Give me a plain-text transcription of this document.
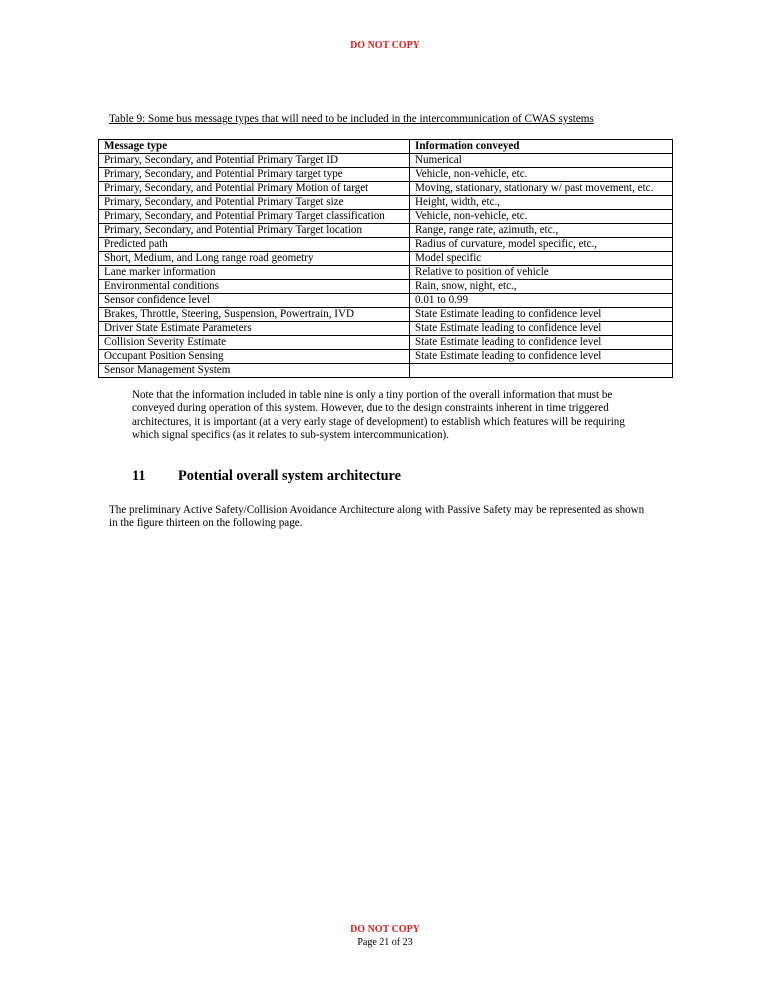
DO NOT COPY
Table 9: Some bus message types that will need to be included in the intercommunication of CWAS systems
Message type	Information conveyed
Primary, Secondary, and Potential Primary Target ID	Numerical
Primary, Secondary, and Potential Primary target type	Vehicle, non-vehicle, etc.
Primary, Secondary, and Potential Primary Motion of target	Moving, stationary, stationary w/ past movement, etc.
Primary, Secondary, and Potential Primary Target size	Height, width, etc.,
Primary, Secondary, and Potential Primary Target classification	Vehicle, non-vehicle, etc.
Primary, Secondary, and Potential Primary Target location	Range, range rate, azimuth, etc.,
Predicted path	Radius of curvature, model specific, etc.,
Short, Medium, and Long range road geometry	Model specific
Lane marker information	Relative to position of vehicle
Environmental conditions	Rain, snow, night, etc.,
Sensor confidence level	0.01 to 0.99
Brakes, Throttle, Steering, Suspension, Powertrain, IVD	State Estimate leading to confidence level
Driver State Estimate Parameters	State Estimate leading to confidence level
Collision Severity Estimate	State Estimate leading to confidence level
Occupant Position Sensing	State Estimate leading to confidence level
Sensor Management System	

Note that the information included in table nine is only a tiny portion of the overall information that must be conveyed during operation of this system. However, due to the design constraints inherent in time triggered architectures, it is important (at a very early stage of development) to establish which features will be requiring which signal specifics (as it relates to sub-system intercommunication).

11 Potential overall system architecture

The preliminary Active Safety/Collision Avoidance Architecture along with Passive Safety may be represented as shown in the figure thirteen on the following page.

DO NOT COPY
Page 21 of 23
